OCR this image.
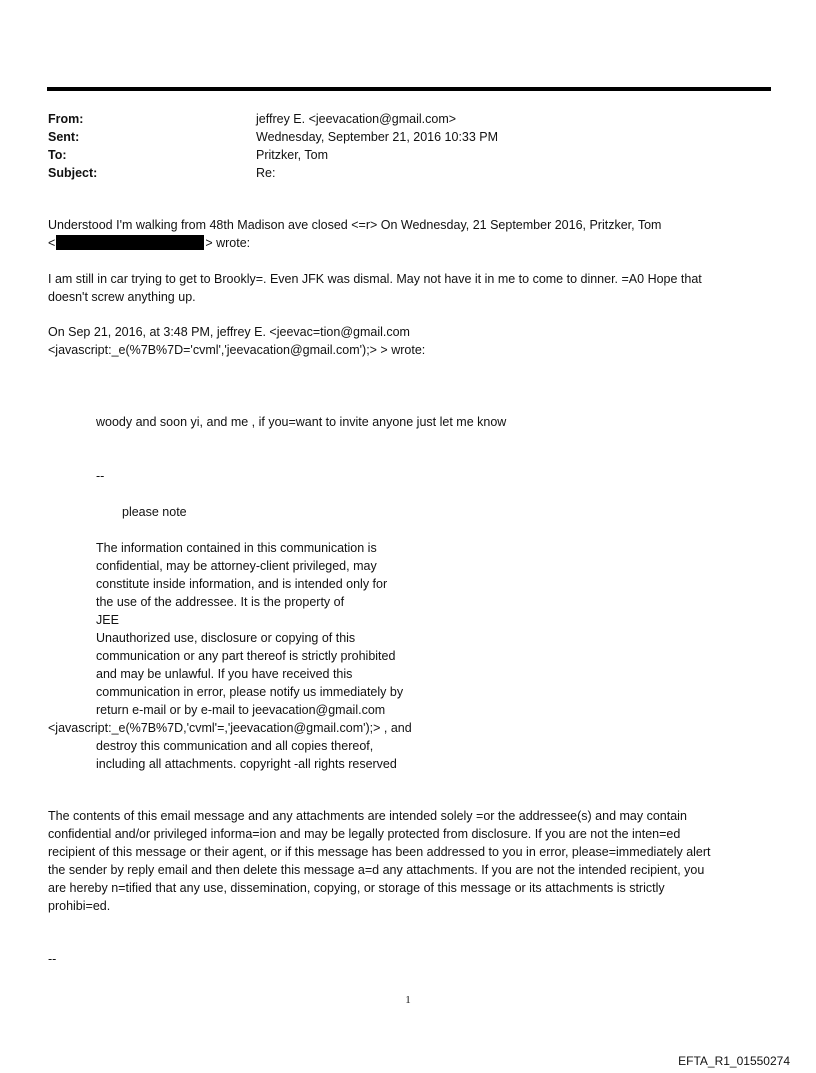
From:	jeffrey E. <jeevacation@gmail.com>
Sent:	Wednesday, September 21, 2016 10:33 PM
To:	Pritzker, Tom
Subject:	Re:
Understood I'm walking from 48th Madison ave closed <=r> On Wednesday, 21 September 2016, Pritzker, Tom
<	> wrote:
I am still in car trying to get to Brookly=. Even JFK was dismal. May not have it in me to come to dinner. =A0 Hope that
doesn't screw anything up.
On Sep 21, 2016, at 3:48 PM, jeffrey E. <jeevac=tion@gmail.com
<javascript:_e(%7B%7D='cvml','jeevacation@gmail.com');> > wrote:
woody and soon yi, and me , if you=want to invite anyone just let me know
--
please note
The information contained in this communication is
confidential, may be attorney-client privileged, may
constitute inside information, and is intended only for
the use of the addressee. It is the property of
JEE
Unauthorized use, disclosure or copying of this
communication or any part thereof is strictly prohibited
and may be unlawful. If you have received this
communication in error, please notify us immediately by
return e-mail or by e-mail to jeevacation@gmail.com
<javascript:_e(%7B%7D,'cvml'=,'jeevacation@gmail.com');> , and
destroy this communication and all copies thereof,
including all attachments. copyright -all rights reserved
The contents of this email message and any attachments are intended solely =or the addressee(s) and may contain
confidential and/or privileged informa=ion and may be legally protected from disclosure. If you are not the inten=ed
recipient of this message or their agent, or if this message has been addressed to you in error, please=immediately alert
the sender by reply email and then delete this message a=d any attachments. If you are not the intended recipient, you
are hereby n=tified that any use, dissemination, copying, or storage of this message or its attachments is strictly
prohibi=ed.
--
1
EFTA_R1_01550274
